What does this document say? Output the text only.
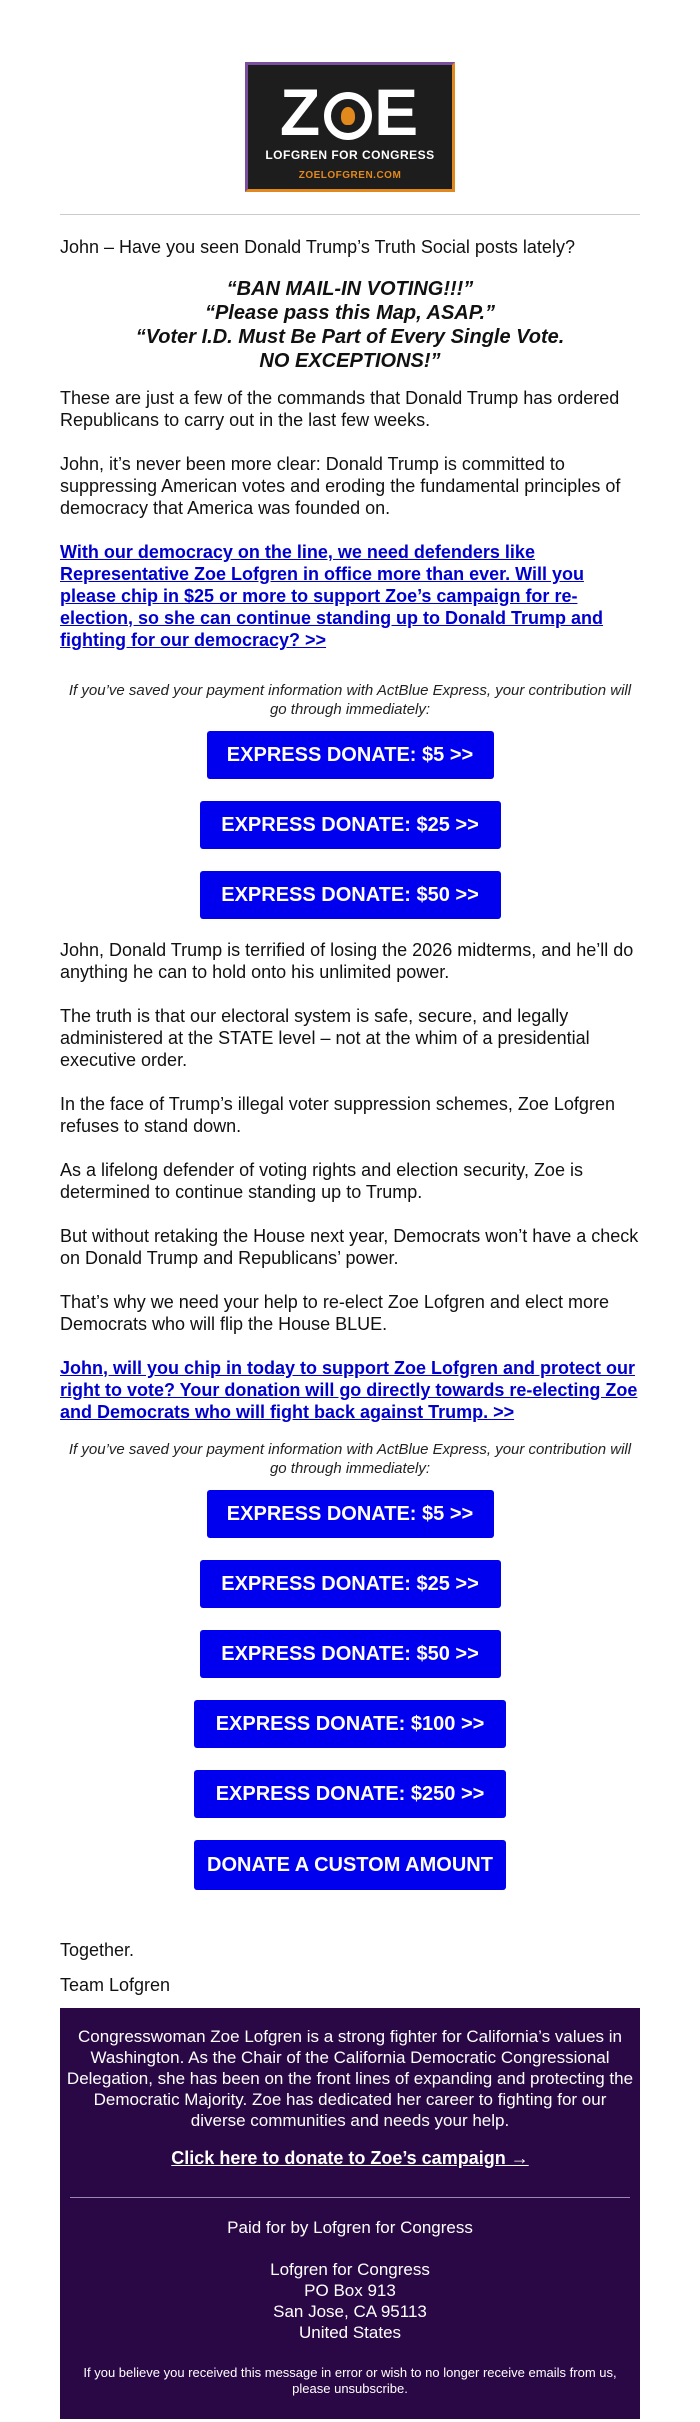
Z E
LOFGREN FOR CONGRESS
ZOELOFGREN.COM

John – Have you seen Donald Trump’s Truth Social posts lately?

“BAN MAIL-IN VOTING!!!”

“Please pass this Map, ASAP.”

“Voter I.D. Must Be Part of Every Single Vote.

NO EXCEPTIONS!”

These are just a few of the commands that Donald Trump has ordered Republicans to carry out in the last few weeks.

John, it’s never been more clear: Donald Trump is committed to suppressing American votes and eroding the fundamental principles of democracy that America was founded on.

With our democracy on the line, we need defenders like Representative Zoe Lofgren in office more than ever. Will you please chip in $25 or more to support Zoe’s campaign for re-election, so she can continue standing up to Donald Trump and fighting for our democracy? >>

If you’ve saved your payment information with ActBlue Express, your contribution will go through immediately:

EXPRESS DONATE: $5 >>
EXPRESS DONATE: $25 >>
EXPRESS DONATE: $50 >>

John, Donald Trump is terrified of losing the 2026 midterms, and he’ll do anything he can to hold onto his unlimited power.

The truth is that our electoral system is safe, secure, and legally administered at the STATE level – not at the whim of a presidential executive order.

In the face of Trump’s illegal voter suppression schemes, Zoe Lofgren refuses to stand down.

As a lifelong defender of voting rights and election security, Zoe is determined to continue standing up to Trump.

But without retaking the House next year, Democrats won’t have a check on Donald Trump and Republicans’ power.

That’s why we need your help to re-elect Zoe Lofgren and elect more Democrats who will flip the House BLUE.

John, will you chip in today to support Zoe Lofgren and protect our right to vote? Your donation will go directly towards re-electing Zoe and Democrats who will fight back against Trump. >>

If you’ve saved your payment information with ActBlue Express, your contribution will go through immediately:

EXPRESS DONATE: $5 >>
EXPRESS DONATE: $25 >>
EXPRESS DONATE: $50 >>
EXPRESS DONATE: $100 >>
EXPRESS DONATE: $250 >>
DONATE A CUSTOM AMOUNT >>

Together.

Team Lofgren

Congresswoman Zoe Lofgren is a strong fighter for California’s values in Washington. As the Chair of the California Democratic Congressional Delegation, she has been on the front lines of expanding and protecting the Democratic Majority. Zoe has dedicated her career to fighting for our diverse communities and needs your help.

Click here to donate to Zoe’s campaign →

Paid for by Lofgren for Congress

Lofgren for Congress

PO Box 913

San Jose, CA 95113

United States

If you believe you received this message in error or wish to no longer receive emails from us, please unsubscribe.
